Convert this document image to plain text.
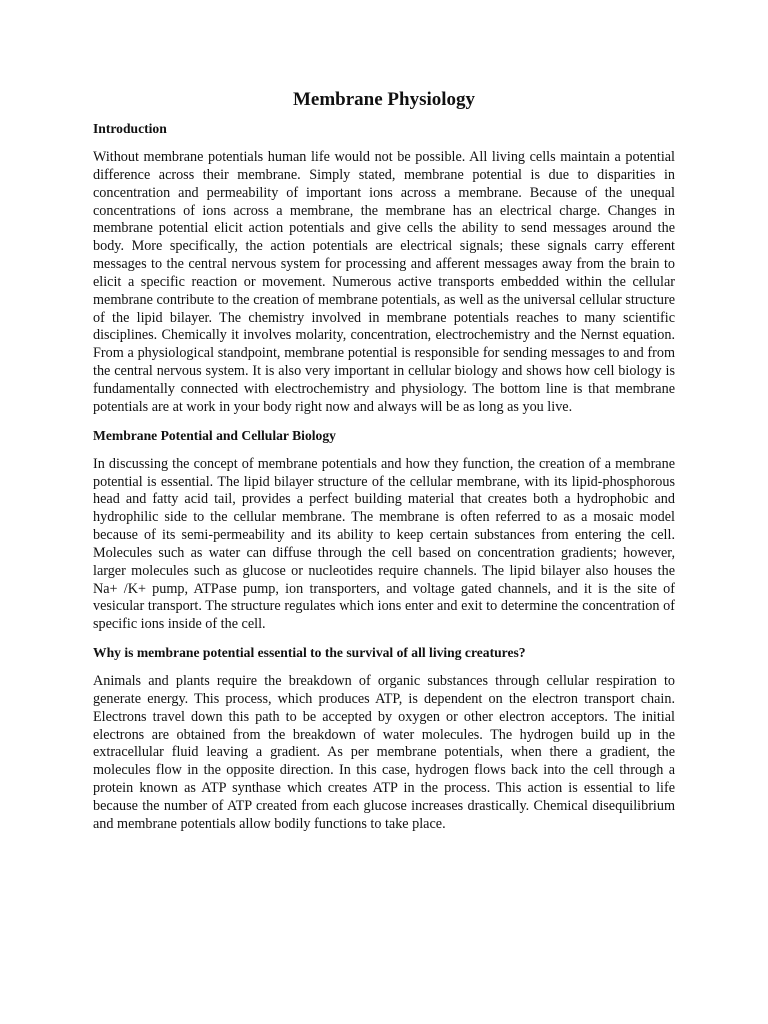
Membrane Physiology
Introduction

Without membrane potentials human life would not be possible. All living cells maintain a potential difference across their membrane. Simply stated, membrane potential is due to disparities in concentration and permeability of important ions across a membrane. Because of the unequal concentrations of ions across a membrane, the membrane has an electrical charge. Changes in membrane potential elicit action potentials and give cells the ability to send messages around the body. More specifically, the action potentials are electrical signals; these signals carry efferent messages to the central nervous system for processing and afferent messages away from the brain to elicit a specific reaction or movement. Numerous active transports embedded within the cellular membrane contribute to the creation of membrane potentials, as well as the universal cellular structure of the lipid bilayer. The chemistry involved in membrane potentials reaches to many scientific disciplines. Chemically it involves molarity, concentration, electrochemistry and the Nernst equation. From a physiological standpoint, membrane potential is responsible for sending messages to and from the central nervous system. It is also very important in cellular biology and shows how cell biology is fundamentally connected with electrochemistry and physiology. The bottom line is that membrane potentials are at work in your body right now and always will be as long as you live.

Membrane Potential and Cellular Biology

In discussing the concept of membrane potentials and how they function, the creation of a membrane potential is essential. The lipid bilayer structure of the cellular membrane, with its lipid-phosphorous head and fatty acid tail, provides a perfect building material that creates both a hydrophobic and hydrophilic side to the cellular membrane. The membrane is often referred to as a mosaic model because of its semi-permeability and its ability to keep certain substances from entering the cell. Molecules such as water can diffuse through the cell based on concentration gradients; however, larger molecules such as glucose or nucleotides require channels. The lipid bilayer also houses the Na+ /K+ pump, ATPase pump, ion transporters, and voltage gated channels, and it is the site of vesicular transport. The structure regulates which ions enter and exit to determine the concentration of specific ions inside of the cell.

Why is membrane potential essential to the survival of all living creatures?

Animals and plants require the breakdown of organic substances through cellular respiration to generate energy. This process, which produces ATP, is dependent on the electron transport chain. Electrons travel down this path to be accepted by oxygen or other electron acceptors. The initial electrons are obtained from the breakdown of water molecules. The hydrogen build up in the extracellular fluid leaving a gradient. As per membrane potentials, when there a gradient, the molecules flow in the opposite direction. In this case, hydrogen flows back into the cell through a protein known as ATP synthase which creates ATP in the process. This action is essential to life because the number of ATP created from each glucose increases drastically. Chemical disequilibrium and membrane potentials allow bodily functions to take place.
